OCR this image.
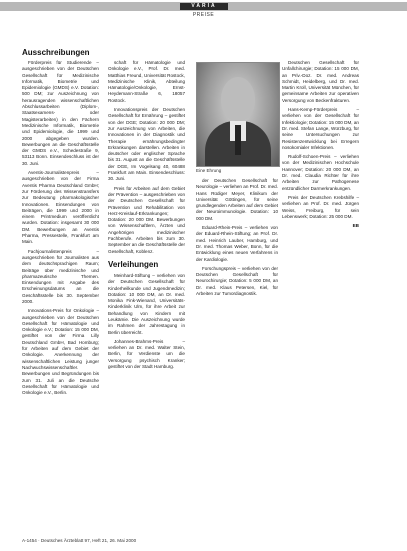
VARIA
PREISE
Ausschreibungen

Förderpreis für Studierende – ausgeschrieben von der Deutschen Gesellschaft für Medizinische Informatik, Biometrie und Epidemiologie (GMDS) e.V. Dotation: 500 DM; zur Auszeichnung von herausragenden wissenschaftlichen Abschlussarbeiten (Diplom-, Staatsexamens- oder Magisterarbeiten) in den Fächern Medizinische Informatik, Biometrie und Epidemiologie, die 1999 und 2000 abgegeben wurden. Bewerbungen an die Geschäftsstelle der GMDS e.V., Schedestraße 9, 53113 Bonn. Einsendeschluss ist der 30. Juni.

Aventis-Journalistenpreis – ausgeschrieben von der Firma Aventis Pharma Deutschland GmbH; zur Förderung des Wissenstransfers zur Bedeutung pharmakologischer Innovationen. Einsendungen von Beiträgen, die 1999 und 2000 in einem Printmedium veröffentlicht wurden. Dotation: insgesamt 30 000 DM. Bewerbungen an Aventis Pharma, Pressestelle, Frankfurt am Main.

Fachjournalistenpreis – ausgeschrieben für Journalisten aus dem deutschsprachigen Raum; Beiträge über medizinische und pharmazeutische Themen. Einsendungen mit Angabe des Erscheinungsdatums an die Geschäftsstelle bis 30. September 2000.

Innovations-Preis für Onkologie – ausgeschrieben von der Deutschen Gesellschaft für Hämatologie und Onkologie e.V.; Dotation: 15 000 DM, gestiftet von der Firma Lilly Deutschland GmbH, Bad Homburg; für Arbeiten auf dem Gebiet der Onkologie. Anerkennung der wissenschaftlichen Leistung junger Nachwuchswissenschaftler. Bewerbungen und Begründungen bis zum 31. Juli an die Deutsche Gesellschaft für Hämatologie und Onkologie e.V., Berlin.

schaft für Hämatologie und Onkologie e.V., Prof. Dr. med. Matthias Freund, Universität Rostock, Medizinische Klinik, Abteilung Hämatologie/Onkologie, Ernst-Heydemann-Straße 6, 18057 Rostock.

Innovationspreis der Deutschen Gesellschaft für Ernährung – gestiftet von der DGE; Dotation: 20 000 DM; zur Auszeichnung von Arbeiten, die Innovationen in der Diagnostik und Therapie ernährungsbedingter Erkrankungen darstellen. Arbeiten in deutscher oder englischer Sprache bis 31. August an die Geschäftsstelle der DGE, Im Vogelsang 40, 60488 Frankfurt am Main. Einsendeschluss: 30. Juni.

Preis für Arbeiten auf dem Gebiet der Prävention – ausgeschrieben von der Deutschen Gesellschaft für Prävention und Rehabilitation von Herz-Kreislauf-Erkrankungen; Dotation: 20 000 DM. Bewerbungen von Wissenschaftlern, Ärzten und Angehörigen medizinischer Fachberufe. Arbeiten bis zum 30. September an die Geschäftsstelle der Gesellschaft, Koblenz.

Verleihungen

Meinhard-Stiftung – verliehen von der Deutschen Gesellschaft für Kinderheilkunde und Jugendmedizin; Dotation: 10 000 DM, an Dr. med. Monika Fink-Wienand, Universitäts-Kinderklinik Ulm, für ihre Arbeit zur Behandlung von Kindern mit Leukämie. Die Auszeichnung wurde im Rahmen der Jahrestagung in Berlin überreicht.

Johannes-Brahms-Preis – verliehen an Dr. med. Walter Stein, Berlin, für Verdienste um die Versorgung psychisch Kranker; gestiftet von der Stadt Hamburg.

Eine Ehrung

der Deutschen Gesellschaft für Neurologie – verliehen an Prof. Dr. med. Hans Rüdiger Meyer, Klinikum der Universität Göttingen, für seine grundlegenden Arbeiten auf dem Gebiet der Neuroimmunologie. Dotation: 10 000 DM.

Eduard-Rhein-Preis – verliehen von der Eduard-Rhein-Stiftung; an Prof. Dr. med. Heinrich Lauber, Hamburg, und Dr. med. Thomas Weber, Bonn, für die Entwicklung eines neuen Verfahrens in der Kardiologie.

Forschungspreis – verliehen von der Deutschen Gesellschaft für Neurochirurgie; Dotation: 5 000 DM, an Dr. med. Klaus Petersen, Kiel, für Arbeiten zur Tumordiagnostik.

Deutschen Gesellschaft für Unfallchirurgie; Dotation: 15 000 DM, an Priv.-Doz. Dr. med. Andreas Schmidt, Heidelberg, und Dr. med. Martin Kroll, Universität München, für gemeinsame Arbeiten zur operativen Versorgung von Beckenfrakturen.

Hans-Kemp-Förderpreis – verliehen von der Gesellschaft für Infektiologie; Dotation: 15 000 DM, an Dr. med. Stefan Lange, Würzburg, für seine Untersuchungen zur Resistenzentwicklung bei Erregern nosokomialer Infektionen.

Rudolf-Schoen-Preis – verliehen von der Medizinischen Hochschule Hannover; Dotation: 20 000 DM, an Dr. med. Claudia Richter für ihre Arbeiten zur Pathogenese entzündlicher Darmerkrankungen.

Preis der Deutschen Krebshilfe – verliehen an Prof. Dr. med. Jürgen Weiss, Freiburg, für sein Lebenswerk; Dotation: 25 000 DM.

EB
A-1454 · Deutsches Ärzteblatt 97, Heft 21, 26. Mai 2000
